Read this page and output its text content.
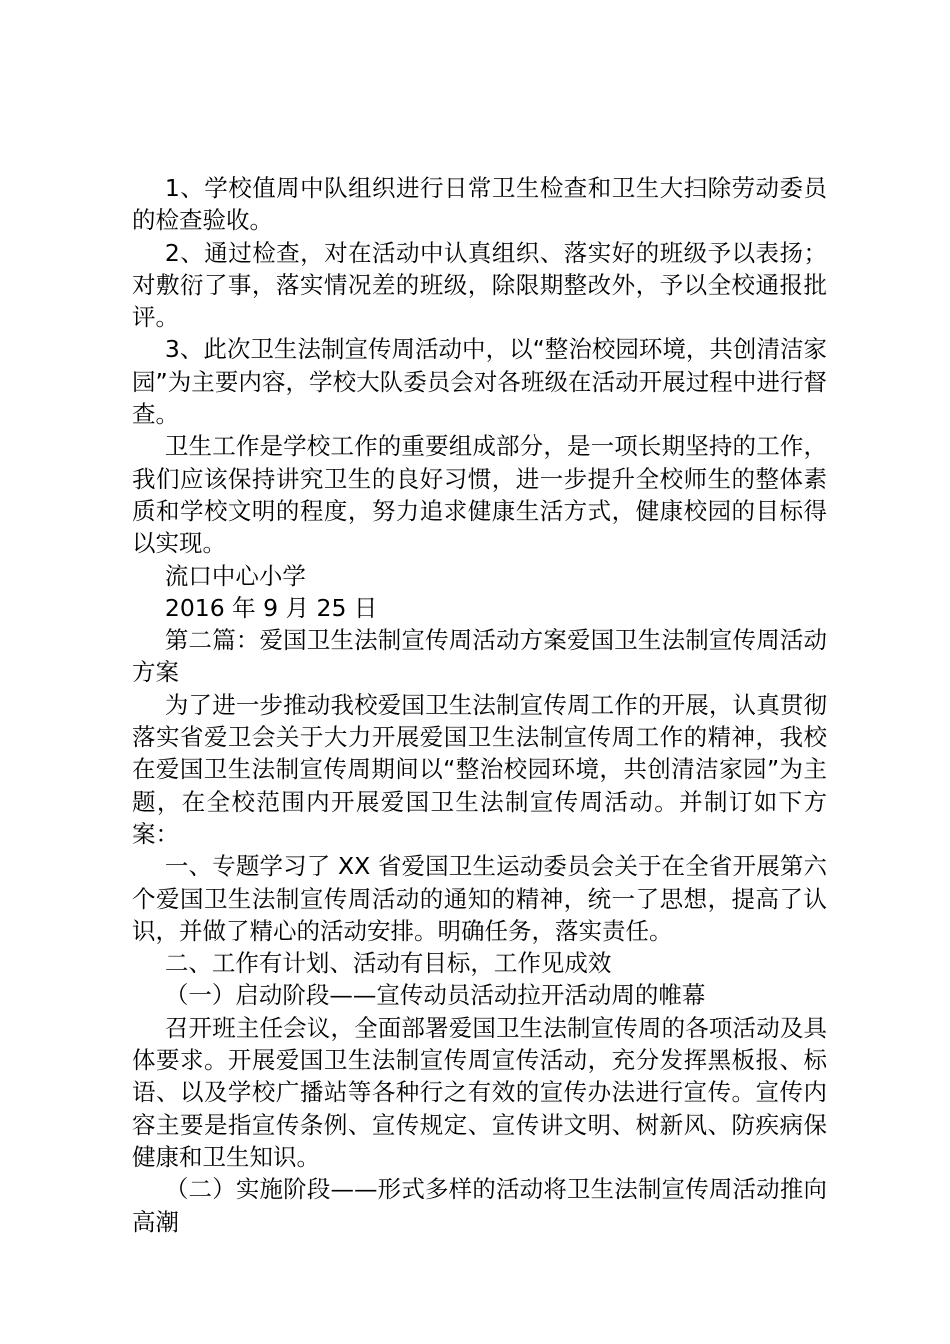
1、学校值周中队组织进行日常卫生检查和卫生大扫除劳动委员的检查验收。

2、通过检查，对在活动中认真组织、落实好的班级予以表扬；对敷衍了事，落实情况差的班级，除限期整改外，予以全校通报批评。

3、此次卫生法制宣传周活动中，以“整治校园环境，共创清洁家园”为主要内容，学校大队委员会对各班级在活动开展过程中进行督查。

卫生工作是学校工作的重要组成部分，是一项长期坚持的工作，我们应该保持讲究卫生的良好习惯，进一步提升全校师生的整体素质和学校文明的程度，努力追求健康生活方式，健康校园的目标得以实现。

流口中心小学

2016 年 9 月 25 日

第二篇：爱国卫生法制宣传周活动方案爱国卫生法制宣传周活动方案

为了进一步推动我校爱国卫生法制宣传周工作的开展，认真贯彻落实省爱卫会关于大力开展爱国卫生法制宣传周工作的精神，我校在爱国卫生法制宣传周期间以“整治校园环境，共创清洁家园”为主题，在全校范围内开展爱国卫生法制宣传周活动。并制订如下方案：

一、专题学习了 XX 省爱国卫生运动委员会关于在全省开展第六个爱国卫生法制宣传周活动的通知的精神，统一了思想，提高了认识，并做了精心的活动安排。明确任务，落实责任。

二、工作有计划、活动有目标，工作见成效

（一）启动阶段——宣传动员活动拉开活动周的帷幕

召开班主任会议，全面部署爱国卫生法制宣传周的各项活动及具体要求。开展爱国卫生法制宣传周宣传活动，充分发挥黑板报、标语、以及学校广播站等各种行之有效的宣传办法进行宣传。宣传内容主要是指宣传条例、宣传规定、宣传讲文明、树新风、防疾病保健康和卫生知识。

（二）实施阶段——形式多样的活动将卫生法制宣传周活动推向高潮
